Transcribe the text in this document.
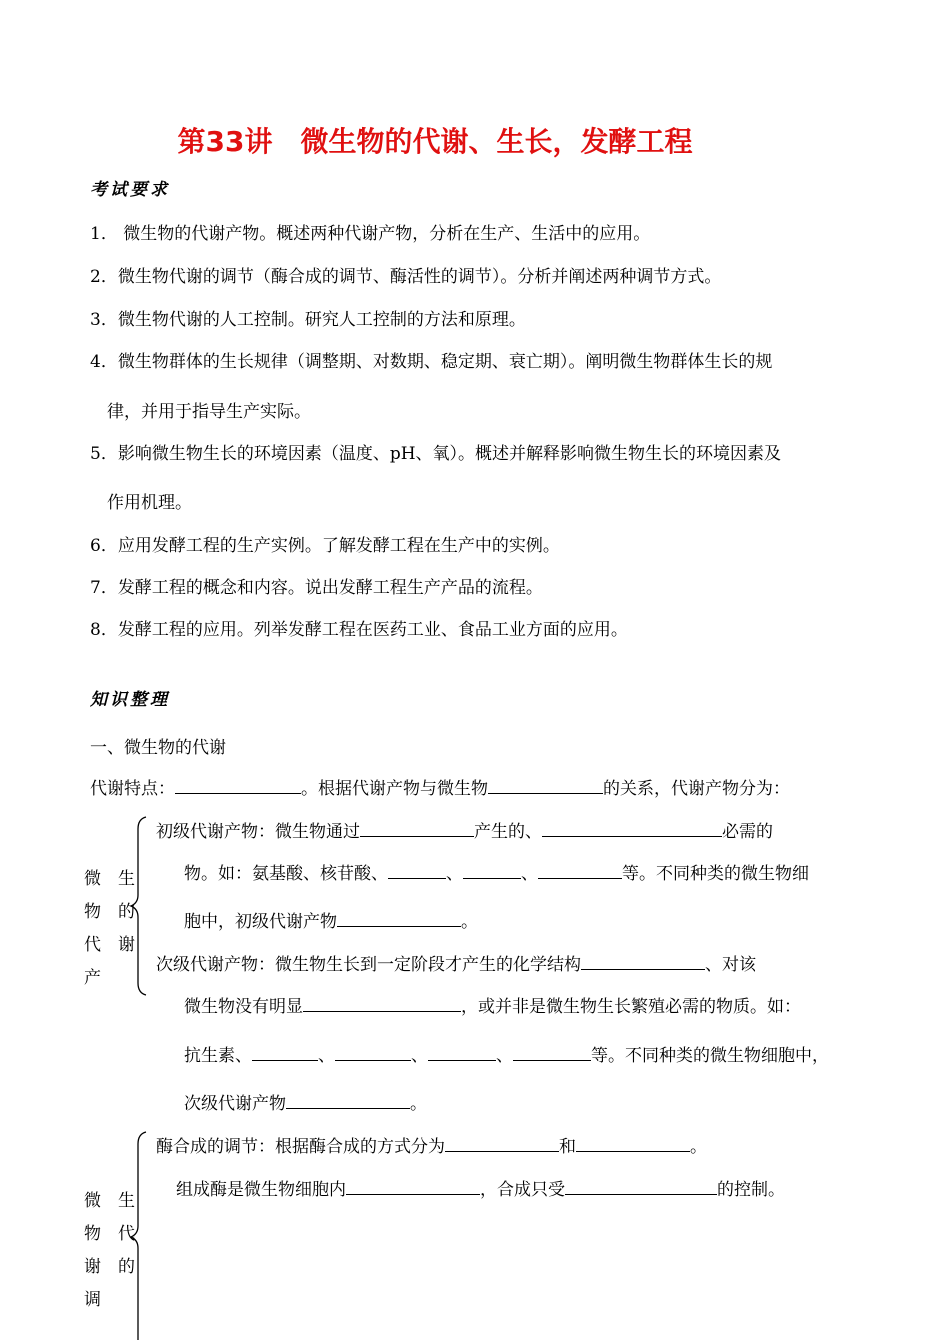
第33讲　微生物的代谢、生长，发酵工程
考试要求
1． 微生物的代谢产物。概述两种代谢产物，分析在生产、生活中的应用。
2．微生物代谢的调节（酶合成的调节、酶活性的调节）。分析并阐述两种调节方式。
3．微生物代谢的人工控制。研究人工控制的方法和原理。
4．微生物群体的生长规律（调整期、对数期、稳定期、衰亡期）。阐明微生物群体生长的规
律，并用于指导生产实际。
5．影响微生物生长的环境因素（温度、pH、氧）。概述并解释影响微生物生长的环境因素及
作用机理。
6．应用发酵工程的生产实例。了解发酵工程在生产中的实例。
7．发酵工程的概念和内容。说出发酵工程生产产品的流程。
8．发酵工程的应用。列举发酵工程在医药工业、食品工业方面的应用。
知识整理
一、微生物的代谢
代谢特点：	。根据代谢产物与微生物	的关系，代谢产物分为：
微　生
物　的
代　谢
产
初级代谢产物：微生物通过	产生的、	必需的
物。如：氨基酸、核苷酸、	、	、	等。不同种类的微生物细
胞中，初级代谢产物	。
次级代谢产物：微生物生长到一定阶段才产生的化学结构	、对该
微生物没有明显	，或并非是微生物生长繁殖必需的物质。如：
抗生素、	、	、	、	等。不同种类的微生物细胞中，
次级代谢产物	。
微　生
物　代
谢　的
调
酶合成的调节：根据酶合成的方式分为	和	。
组成酶是微生物细胞内	，合成只受	的控制。
